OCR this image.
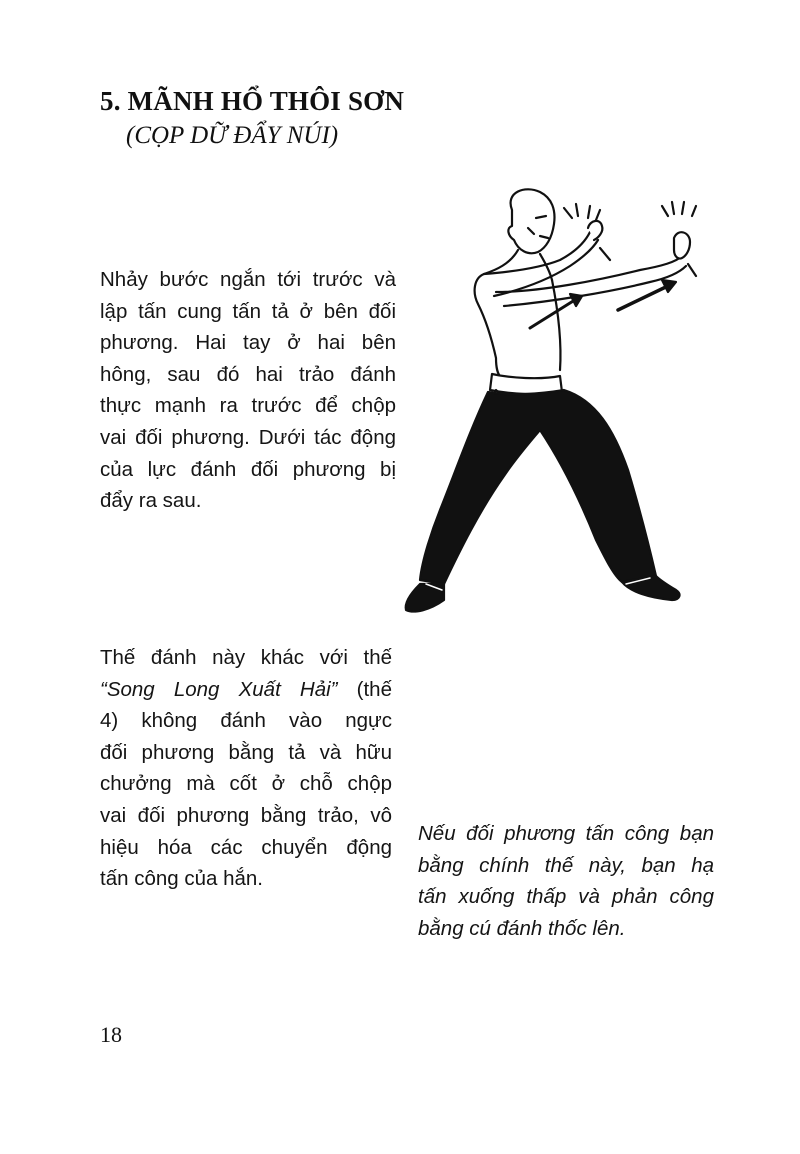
5. MÃNH HỔ THÔI SƠN
(CỌP DỮ ĐẨY NÚI)
Nhảy bước ngắn tới trước và
lập tấn cung tấn tả ở bên đối
phương. Hai tay ở hai bên
hông, sau đó hai trảo đánh
thực mạnh ra trước để chộp
vai đối phương. Dưới tác động
của lực đánh đối phương bị
đẩy ra sau.
Thế đánh này khác với thế
“Song Long Xuất Hải” (thế
4) không đánh vào ngực
đối phương bằng tả và hữu
chưởng mà cốt ở chỗ chộp
vai đối phương bằng trảo, vô
hiệu hóa các chuyển động
tấn công của hắn.
Nếu đối phương tấn công bạn
bằng chính thế này, bạn hạ
tấn xuống thấp và phản công
bằng cú đánh thốc lên.
18
